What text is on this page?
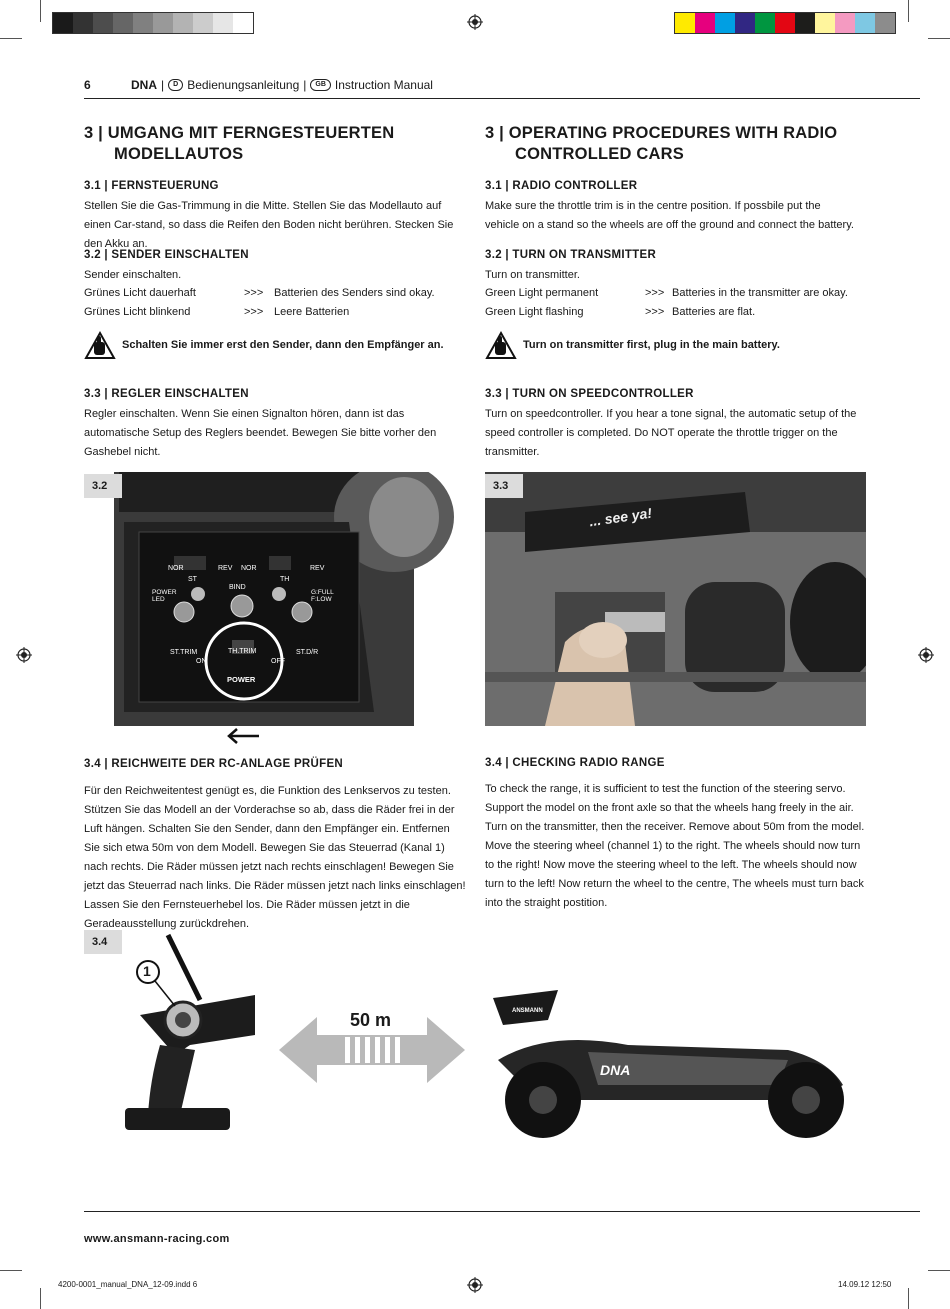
6	DNA |	D Bedienungsanleitung |	GB Instruction Manual
3 | UMGANG MIT FERNGESTEUERTEN
MODELLAUTOS
3.1 | FERNSTEUERUNG
Stellen Sie die Gas-Trimmung in die Mitte. Stellen Sie das Modellauto auf einen Car-stand, so dass die Reifen den Boden nicht berühren. Stecken Sie den Akku an.
3.2 | SENDER EINSCHALTEN
Sender einschalten.
Grünes Licht dauerhaft	>>> Batterien des Senders sind okay.
Grünes Licht blinkend	>>> Leere Batterien
Schalten Sie immer erst den Sender, dann den Empfänger an.
3.3 | REGLER EINSCHALTEN
Regler einschalten. Wenn Sie einen Signalton hören, dann ist das automatische Setup des Reglers beendet. Bewegen Sie bitte vorher den Gashebel nicht.
NOR
ST
REV NOR
TH
REV
BIND
POWER
LED
G:FULL
F:LOW
ST.TRIM	TH.TRIM	ST.D/R
ON	OFF
POWER
3.2
3.4 | REICHWEITE DER RC-ANLAGE PRÜFEN
Für den Reichweitentest genügt es, die Funktion des Lenkservos zu testen. Stützen Sie das Modell an der Vorderachse so ab, dass die Räder frei in der Luft hängen. Schalten Sie den Sender, dann den Empfänger ein. Entfernen Sie sich etwa 50m von dem Modell. Bewegen Sie das Steuerrad (Kanal 1) nach rechts. Die Räder müssen jetzt nach rechts einschlagen! Bewegen Sie jetzt das Steuerrad nach links. Die Räder müssen jetzt nach links einschlagen! Lassen Sie den Fernsteuerhebel los. Die Räder müssen jetzt in die Geradeausstellung zurückdrehen.
3 | OPERATING PROCEDURES WITH RADIO
CONTROLLED CARS
3.1 | RADIO CONTROLLER
Make sure the throttle trim is in the centre position. If possbile put the vehicle on a stand so the wheels are off the ground and connect the battery.
3.2 | TURN ON TRANSMITTER
Turn on transmitter.
Green Light permanent	>>> Batteries in the transmitter are okay.
Green Light flashing	>>> Batteries are flat.
Turn on transmitter first, plug in the main battery.
3.3 | TURN ON SPEEDCONTROLLER
Turn on speedcontroller. If you hear a tone signal, the automatic setup of the speed controller is completed. Do NOT operate the throttle trigger on the transmitter.
... see ya!
3.3
3.4 | CHECKING RADIO RANGE
To check the range, it is sufficient to test the function of the steering servo. Support the model on the front axle so that the wheels hang freely in the air. Turn on the transmitter, then the receiver. Remove about 50m from the model. Move the steering wheel (channel 1) to the right. The wheels should now turn to the right! Now move the steering wheel to the left. The wheels should now turn to the left! Now return the wheel to the centre, The wheels must turn back into the straight postition.
3.4
1
50 m	ANSMANN
DNA
www.ansmann-racing.com
4200-0001_manual_DNA_12-09.indd 6	14.09.12 12:50
